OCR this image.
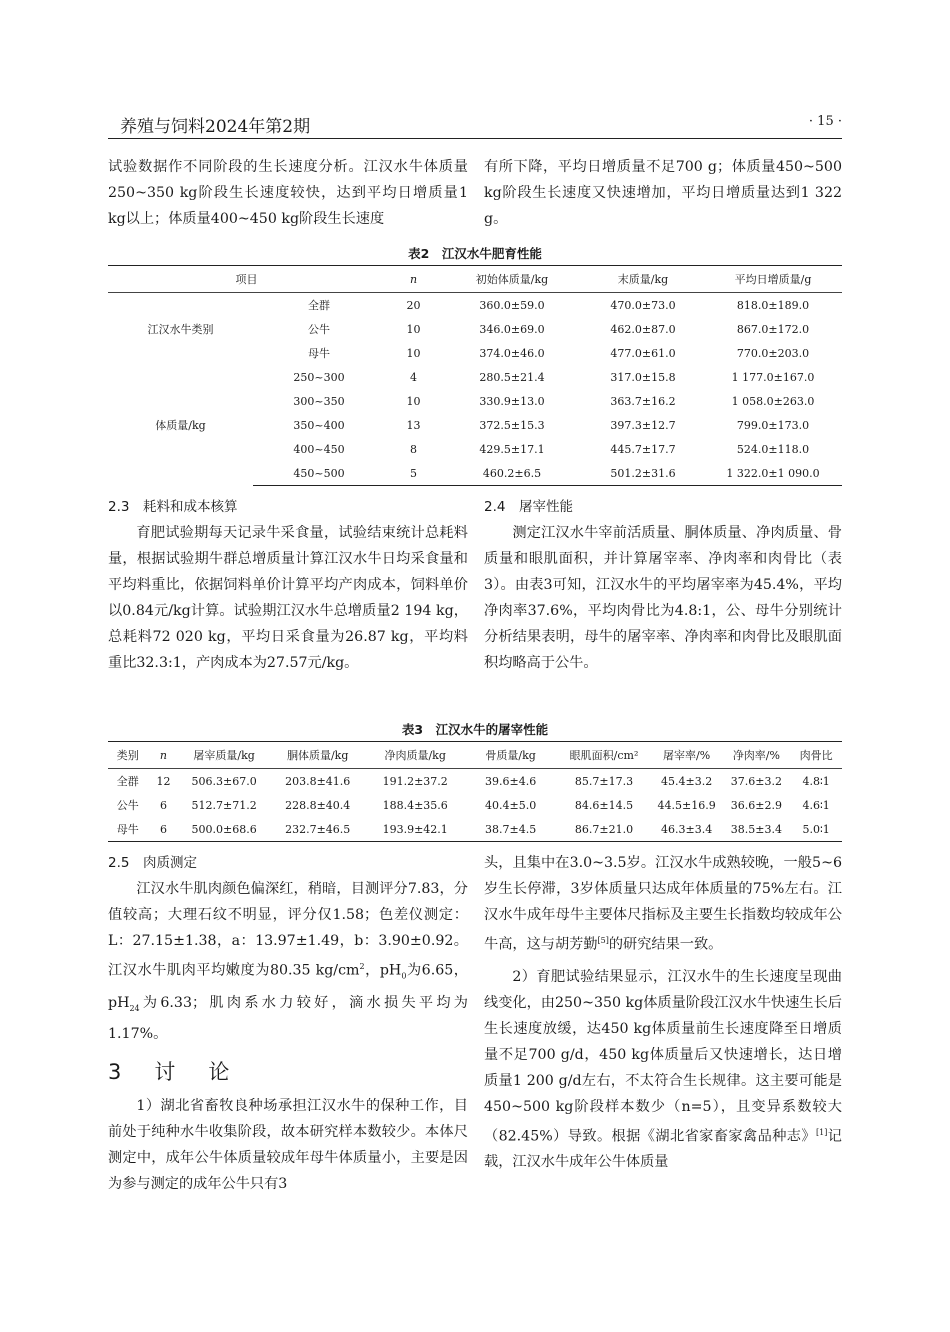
养殖与饲料2024年第2期	· 15 ·

试验数据作不同阶段的生长速度分析。江汉水牛体质量250~350 kg阶段生长速度较快，达到平均日增质量1 kg以上；体质量400~450 kg阶段生长速度

有所下降，平均日增质量不足700 g；体质量450~500 kg阶段生长速度又快速增加，平均日增质量达到1 322 g。

表2　江汉水牛肥育性能
项目		n	初始体质量/kg	末质量/kg	平均日增质量/g
江汉水牛类别	全群	20	360.0±59.0	470.0±73.0	818.0±189.0
	公牛	10	346.0±69.0	462.0±87.0	867.0±172.0
	母牛	10	374.0±46.0	477.0±61.0	770.0±203.0
体质量/kg	250~300	4	280.5±21.4	317.0±15.8	1 177.0±167.0
	300~350	10	330.9±13.0	363.7±16.2	1 058.0±263.0
	350~400	13	372.5±15.3	397.3±12.7	799.0±173.0
	400~450	8	429.5±17.1	445.7±17.7	524.0±118.0
	450~500	5	460.2±6.5	501.2±31.6	1 322.0±1 090.0
2.3　耗料和成本核算

育肥试验期每天记录牛采食量，试验结束统计总耗料量，根据试验期牛群总增质量计算江汉水牛日均采食量和平均料重比，依据饲料单价计算平均产肉成本，饲料单价以0.84元/kg计算。试验期江汉水牛总增质量2 194 kg，总耗料72 020 kg，平均日采食量为26.87 kg，平均料重比32.3:1，产肉成本为27.57元/kg。

2.4　屠宰性能

测定江汉水牛宰前活质量、胴体质量、净肉质量、骨质量和眼肌面积，并计算屠宰率、净肉率和肉骨比（表3）。由表3可知，江汉水牛的平均屠宰率为45.4%，平均净肉率37.6%，平均肉骨比为4.8:1，公、母牛分别统计分析结果表明，母牛的屠宰率、净肉率和肉骨比及眼肌面积均略高于公牛。

表3　江汉水牛的屠宰性能
类别	n	屠宰质量/kg	胴体质量/kg	净肉质量/kg	骨质量/kg	眼肌面积/cm²	屠宰率/%	净肉率/%	肉骨比
全群	12	506.3±67.0	203.8±41.6	191.2±37.2	39.6±4.6	85.7±17.3	45.4±3.2	37.6±3.2	4.8∶1
公牛	6	512.7±71.2	228.8±40.4	188.4±35.6	40.4±5.0	84.6±14.5	44.5±16.9	36.6±2.9	4.6∶1
母牛	6	500.0±68.6	232.7±46.5	193.9±42.1	38.7±4.5	86.7±21.0	46.3±3.4	38.5±3.4	5.0∶1
2.5　肉质测定

江汉水牛肌肉颜色偏深红，稍暗，目测评分7.83，分值较高；大理石纹不明显，评分仅1.58；色差仪测定：L：27.15±1.38，a：13.97±1.49，b：3.90±0.92。江汉水牛肌肉平均嫩度为80.35 $kg/cm^2$，$pH_0$为6.65，$pH_{24}$为6.33；肌肉系水力较好，滴水损失平均为1.17%。

3　讨　论

1）湖北省畜牧良种场承担江汉水牛的保种工作，目前处于纯种水牛收集阶段，故本研究样本数较少。本体尺测定中，成年公牛体质量较成年母牛体质量小，主要是因为参与测定的成年公牛只有3

头，且集中在3.0~3.5岁。江汉水牛成熟较晚，一般5~6岁生长停滞，3岁体质量只达成年体质量的75%左右。江汉水牛成年母牛主要体尺指标及主要生长指数均较成年公牛高，这与胡芳勤[5]的研究结果一致。

2）育肥试验结果显示，江汉水牛的生长速度呈现曲线变化，由250~350 kg体质量阶段江汉水牛快速生长后生长速度放缓，达450 kg体质量前生长速度降至日增质量不足700 g/d，450 kg体质量后又快速增长，达日增质量1 200 g/d左右，不太符合生长规律。这主要可能是450~500 kg阶段样本数少（n=5），且变异系数较大（82.45%）导致。根据《湖北省家畜家禽品种志》[1]记载，江汉水牛成年公牛体质量
